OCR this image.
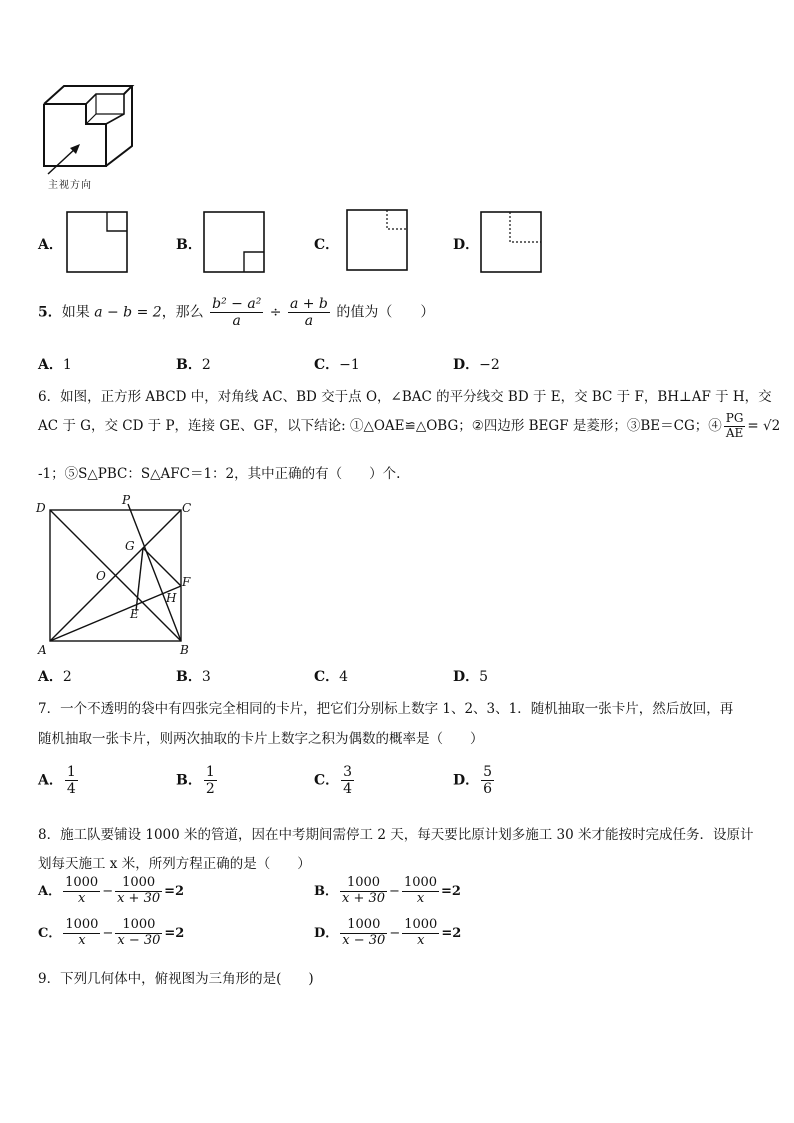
主视方向
A．	B．	C．	D．
5．如果 a − b = 2，那么 $\frac{\text{b² − a²}}{a} \div \frac{a + b}{a}$ 的值为（　　）
A．1	B．2	C．−1	D．−2
6．如图，正方形 ABCD 中，对角线 AC、BD 交于点 O，∠BAC 的平分线交 BD 于 E，交 BC 于 F，BH⊥AF 于 H，交
AC 于 G，交 CD 于 P，连接 GE、GF，以下结论: ①△OAE≌△OBG；②四边形 BEGF 是菱形；③BE＝CG；④ $\frac{PG}{AE} = √2$
-1；⑤S△PBC：S△AFC＝1：2，其中正确的有（　　）个.
D
P
C
G
O	F
H
E
A	B
A．2	B．3	C．4	D．5
7．一个不透明的袋中有四张完全相同的卡片，把它们分别标上数字 1、2、3、1．随机抽取一张卡片，然后放回，再
随机抽取一张卡片，则两次抽取的卡片上数字之积为偶数的概率是（　　）
A． $\frac{1}{4}$	B． $\frac{1}{2}$	C． $\frac{3}{4}$	D． $\frac{5}{6}$
8．施工队要铺设 1000 米的管道，因在中考期间需停工 2 天，每天要比原计划多施工 30 米才能按时完成任务．设原计
划每天施工 x 米，所列方程正确的是（　　）
A． $\frac{1000}{x} - \frac{1000}{x + 30} =2$	B． $\frac{1000}{x + 30} - \frac{1000}{x} =2$
C． $\frac{1000}{x} - \frac{1000}{x - 30} =2$	D． $\frac{1000}{x - 30} - \frac{1000}{x} =2$
9．下列几何体中，俯视图为三角形的是(　　)
